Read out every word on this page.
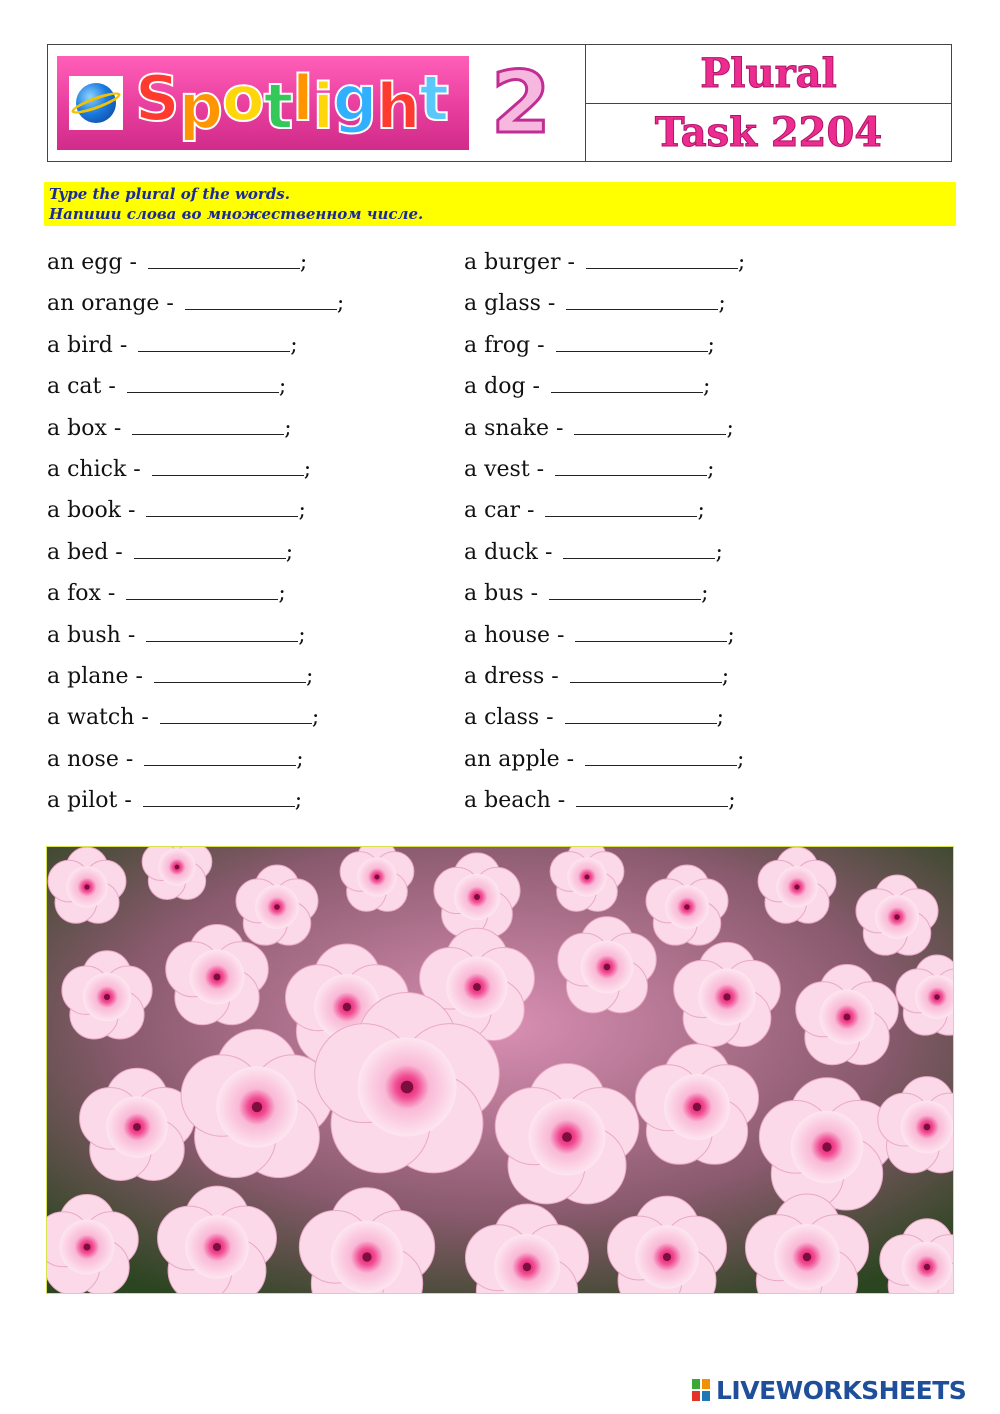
Spotlight 2	Plural
Task 2204
Type the plural of the words.
Напиши слова во множественном числе.
an egg -	;
an orange -	;
a bird -	;
a cat -	;
a box -	;
a chick -	;
a book -	;
a bed -	;
a fox -	;
a bush -	;
a plane -	;
a watch -	;
a nose -	;
a pilot -	;
a burger -	;
a glass -	;
a frog -	;
a dog -	;
a snake -	;
a vest -	;
a car -	;
a duck -	;
a bus -	;
a house -	;
a dress -	;
a class -	;
an apple -	;
a beach -	;
LIVEWORKSHEETS
